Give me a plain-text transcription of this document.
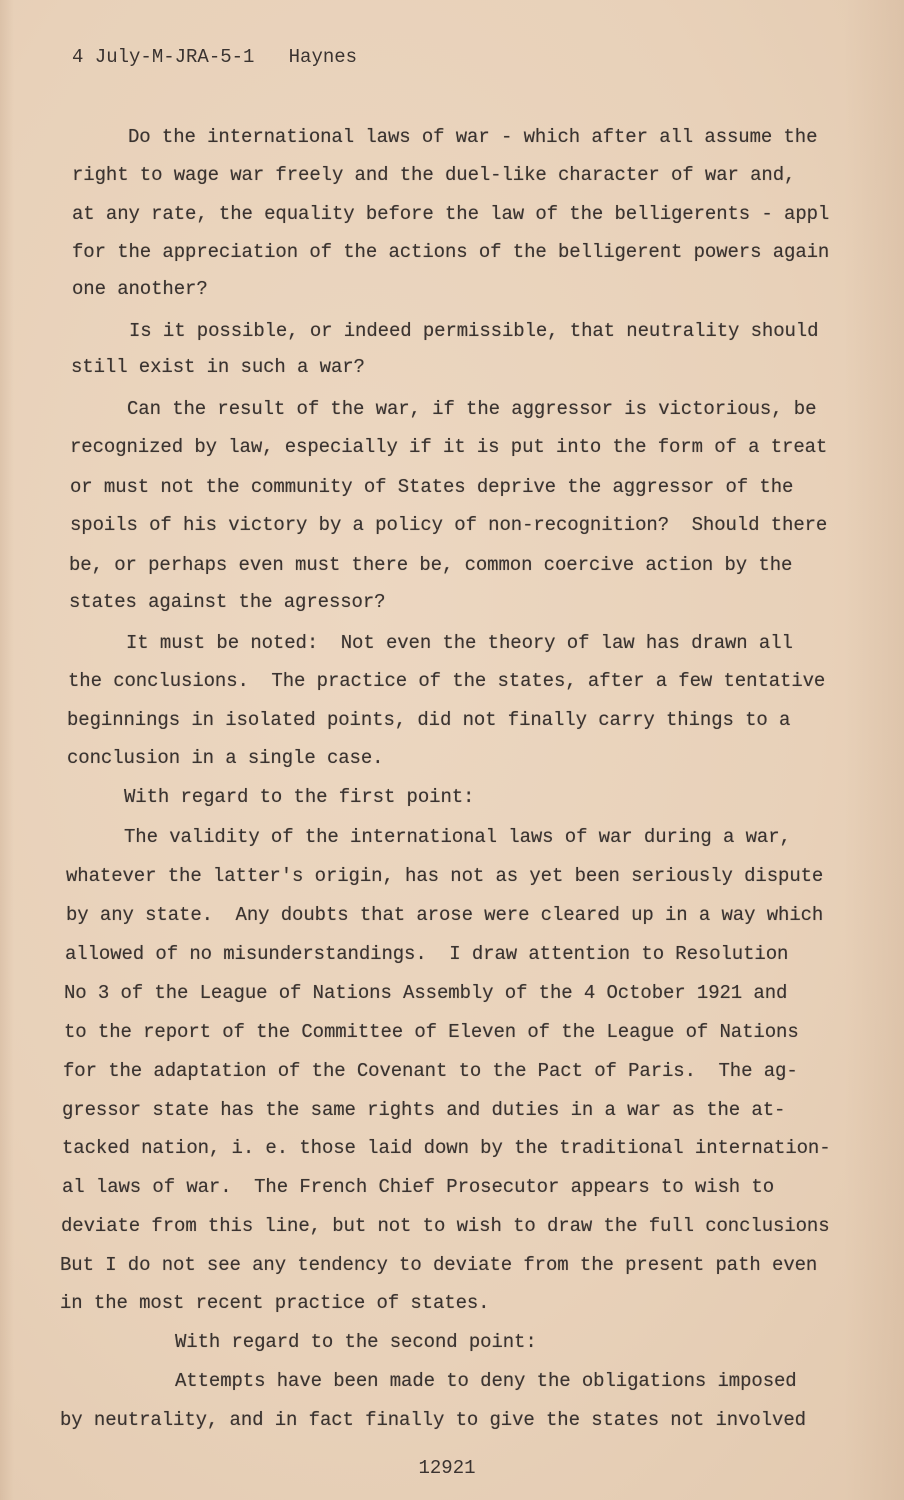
4 July-M-JRA-5-1 Haynes
Do the international laws of war - which after all assume the
right to wage war freely and the duel-like character of war and,
at any rate, the equality before the law of the belligerents - appl
for the appreciation of the actions of the belligerent powers again
one another?
Is it possible, or indeed permissible, that neutrality should
still exist in such a war?
Can the result of the war, if the aggressor is victorious, be
recognized by law, especially if it is put into the form of a treat
or must not the community of States deprive the aggressor of the
spoils of his victory by a policy of non-recognition?  Should there
be, or perhaps even must there be, common coercive action by the
states against the agressor?
It must be noted:  Not even the theory of law has drawn all
the conclusions.  The practice of the states, after a few tentative
beginnings in isolated points, did not finally carry things to a
conclusion in a single case.
With regard to the first point:
The validity of the international laws of war during a war,
whatever the latter's origin, has not as yet been seriously dispute
by any state.  Any doubts that arose were cleared up in a way which
allowed of no misunderstandings.  I draw attention to Resolution
No 3 of the League of Nations Assembly of the 4 October 1921 and
to the report of the Committee of Eleven of the League of Nations
for the adaptation of the Covenant to the Pact of Paris.  The ag-
gressor state has the same rights and duties in a war as the at-
tacked nation, i. e. those laid down by the traditional internation-
al laws of war.  The French Chief Prosecutor appears to wish to
deviate from this line, but not to wish to draw the full conclusions
But I do not see any tendency to deviate from the present path even
in the most recent practice of states.
With regard to the second point:
Attempts have been made to deny the obligations imposed
by neutrality, and in fact finally to give the states not involved
12921
